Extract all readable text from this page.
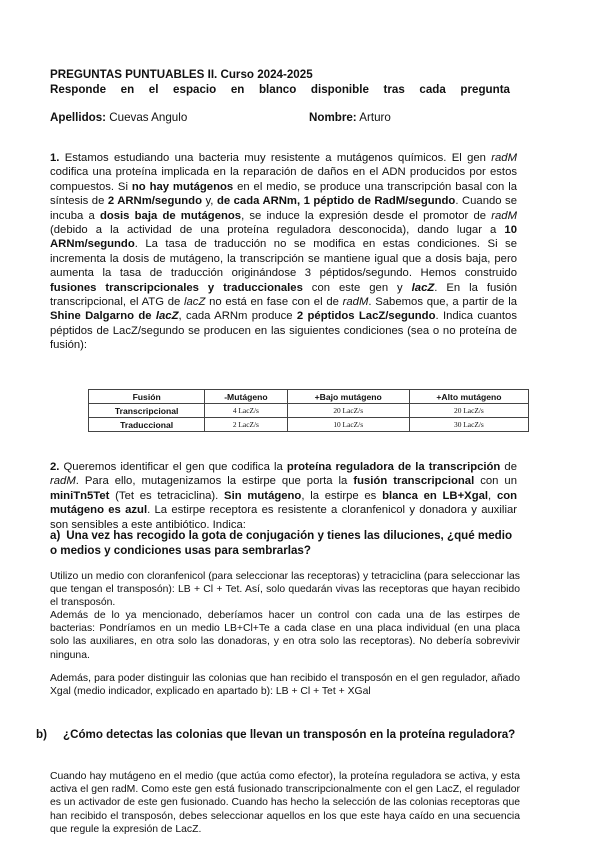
PREGUNTAS PUNTUABLES II. Curso 2024-2025
Responde en el espacio en blanco disponible tras cada pregunta
Apellidos: Cuevas Angulo	Nombre: Arturo
1. Estamos estudiando una bacteria muy resistente a mutágenos químicos. El gen radM codifica una proteína implicada en la reparación de daños en el ADN producidos por estos compuestos. Si no hay mutágenos en el medio, se produce una transcripción basal con la síntesis de 2 ARNm/segundo y, de cada ARNm, 1 péptido de RadM/segundo. Cuando se incuba a dosis baja de mutágenos, se induce la expresión desde el promotor de radM (debido a la actividad de una proteína reguladora desconocida), dando lugar a 10 ARNm/segundo. La tasa de traducción no se modifica en estas condiciones. Si se incrementa la dosis de mutágeno, la transcripción se mantiene igual que a dosis baja, pero aumenta la tasa de traducción originándose 3 péptidos/segundo. Hemos construido fusiones transcripcionales y traduccionales con este gen y lacZ. En la fusión transcripcional, el ATG de lacZ no está en fase con el de radM. Sabemos que, a partir de la Shine Dalgarno de lacZ, cada ARNm produce 2 péptidos LacZ/segundo. Indica cuantos péptidos de LacZ/segundo se producen en las siguientes condiciones (sea o no proteína de fusión):
Fusión	-Mutágeno	+Bajo mutágeno	+Alto mutágeno
Transcripcional	4 LacZ/s	20 LacZ/s	20 LacZ/s
Traduccional	2 LacZ/s	10 LacZ/s	30 LacZ/s
2. Queremos identificar el gen que codifica la proteína reguladora de la transcripción de radM. Para ello, mutagenizamos la estirpe que porta la fusión transcripcional con un miniTn5Tet (Tet es tetraciclina). Sin mutágeno, la estirpe es blanca en LB+Xgal, con mutágeno es azul. La estirpe receptora es resistente a cloranfenicol y donadora y auxiliar son sensibles a este antibiótico. Indica:
a) Una vez has recogido la gota de conjugación y tienes las diluciones, ¿qué medio o medios y condiciones usas para sembrarlas?
Utilizo un medio con cloranfenicol (para seleccionar las receptoras) y tetraciclina (para seleccionar las que tengan el transposón): LB + Cl + Tet. Así, solo quedarán vivas las receptoras que hayan recibido el transposón.
Además de lo ya mencionado, deberíamos hacer un control con cada una de las estirpes de bacterias: Pondríamos en un medio LB+Cl+Te a cada clase en una placa individual (en una placa solo las auxiliares, en otra solo las donadoras, y en otra solo las receptoras). No debería sobrevivir ninguna.
Además, para poder distinguir las colonias que han recibido el transposón en el gen regulador, añado Xgal (medio indicador, explicado en apartado b): LB + Cl + Tet + XGal
b) ¿Cómo detectas las colonias que llevan un transposón en la proteína reguladora?
Cuando hay mutágeno en el medio (que actúa como efector), la proteína reguladora se activa, y esta activa el gen radM. Como este gen está fusionado transcripcionalmente con el gen LacZ, el regulador es un activador de este gen fusionado. Cuando has hecho la selección de las colonias receptoras que han recibido el transposón, debes seleccionar aquellos en los que este haya caído en una secuencia que regule la expresión de LacZ.
